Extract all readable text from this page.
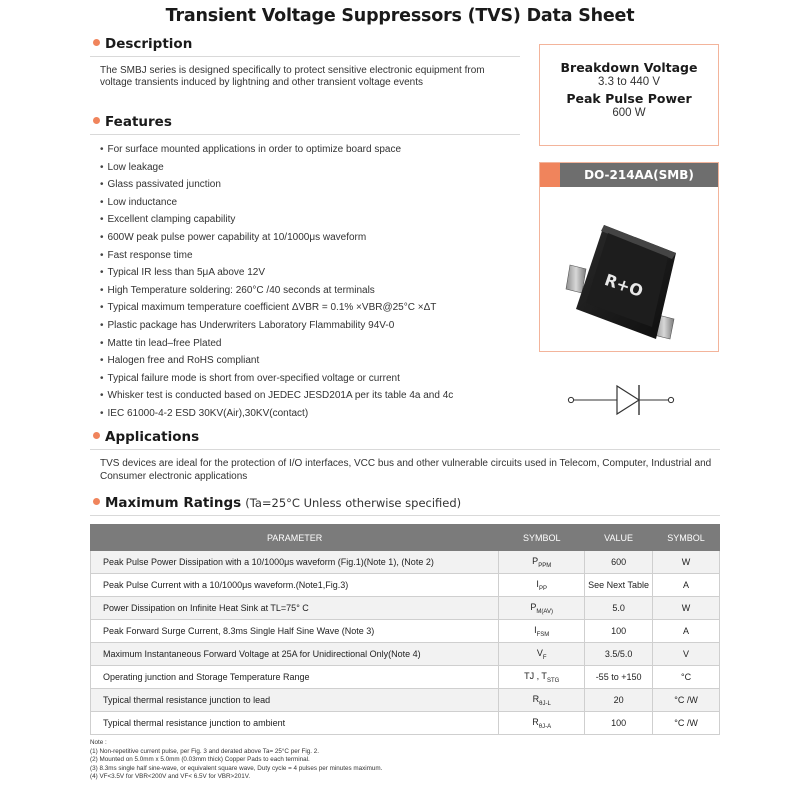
Transient Voltage Suppressors (TVS) Data Sheet
Description
The SMBJ series is designed specifically to protect sensitive electronic equipment from voltage transients induced by lightning and other transient voltage events
Features
• For surface mounted applications in order to optimize board space
• Low leakage
• Glass passivated junction
• Low inductance
• Excellent clamping capability
• 600W peak pulse power capability at 10/1000μs waveform
• Fast response time
• Typical IR less than 5μA above 12V
• High Temperature soldering: 260°C /40 seconds at terminals
• Typical maximum temperature coefficient ΔVBR = 0.1% ×VBR@25°C ×ΔT
• Plastic package has Underwriters Laboratory Flammability 94V-0
• Matte tin lead–free Plated
• Halogen free and RoHS compliant
• Typical failure mode is short from over-specified voltage or current
• Whisker test is conducted based on JEDEC JESD201A per its table 4a and 4c
• IEC 61000-4-2 ESD 30KV(Air),30KV(contact)
Breakdown Voltage
3.3 to 440 V
Peak Pulse Power
600 W
DO-214AA(SMB)
R+O
Applications
TVS devices are ideal for the protection of I/O interfaces, VCC bus and other vulnerable circuits used in Telecom, Computer, Industrial and Consumer electronic applications
Maximum Ratings (Ta=25°C Unless otherwise specified)
PARAMETER	SYMBOL	VALUE	SYMBOL
Peak Pulse Power Dissipation with a 10/1000μs waveform (Fig.1)(Note 1), (Note 2)	$P_{PPM}$	600	W
Peak Pulse Current with a 10/1000μs waveform.(Note1,Fig.3)	$I_{PP}$	See Next Table	A
Power Dissipation on Infinite Heat Sink at TL=75° C	$P_{M(AV)}$	5.0	W
Peak Forward Surge Current, 8.3ms Single Half Sine Wave (Note 3)	$I_{FSM}$	100	A
Maximum Instantaneous Forward Voltage at 25A for Unidirectional Only(Note 4)	$V_F$	3.5/5.0	V
Operating junction and Storage Temperature Range	TJ , $T_{STG}$	-55 to +150	°C
Typical thermal resistance junction to lead	$R_{\theta J-L}$	20	°C /W
Typical thermal resistance junction to ambient	$R_{\theta J-A}$	100	°C /W
Note :
(1) Non-repetitive current pulse, per Fig. 3 and derated above Ta= 25°C per Fig. 2.
(2) Mounted on 5.0mm x 5.0mm (0.03mm thick) Copper Pads to each terminal.
(3) 8.3ms single half sine-wave, or equivalent square wave, Duty cycle = 4 pulses per minutes maximum.
(4) VF<3.5V for VBR<200V and VF< 6.5V for VBR>201V.
